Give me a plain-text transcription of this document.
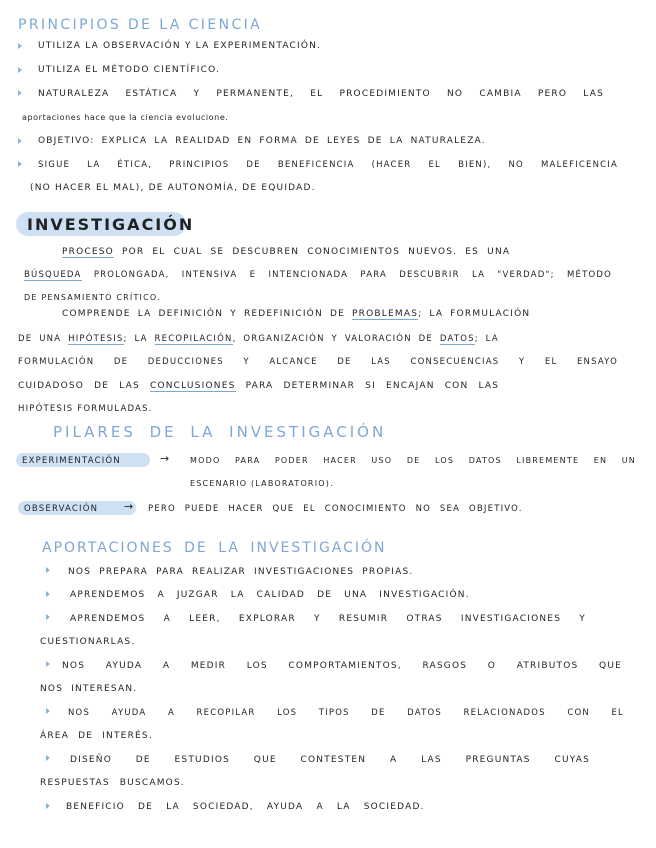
PRINCIPIOS DE LA CIENCIA
UTILIZA LA OBSERVACIÓN Y LA EXPERIMENTACIÓN.
UTILIZA EL MÉTODO CIENTÍFICO.
NATURALEZA ESTÁTICA Y PERMANENTE, EL PROCEDIMIENTO NO CAMBIA PERO LAS
aportaciones hace que la ciencia evolucione.
OBJETIVO: EXPLICA LA REALIDAD EN FORMA DE LEYES DE LA NATURALEZA.
SIGUE LA ÉTICA, PRINCIPIOS DE BENEFICENCIA (HACER EL BIEN), NO MALEFICENCIA
(NO HACER EL MAL), DE AUTONOMÍA, DE EQUIDAD.
INVESTIGACIÓN
PROCESO POR EL CUAL SE DESCUBREN CONOCIMIENTOS NUEVOS. ES UNA
BÚSQUEDA PROLONGADA, INTENSIVA E INTENCIONADA PARA DESCUBRIR LA "VERDAD"; MÉTODO
DE PENSAMIENTO CRÍTICO.
COMPRENDE LA DEFINICIÓN Y REDEFINICIÓN DE PROBLEMAS; LA FORMULACIÓN
DE UNA HIPÓTESIS; LA RECOPILACIÓN, ORGANIZACIÓN Y VALORACIÓN DE DATOS; LA
FORMULACIÓN DE DEDUCCIONES Y ALCANCE DE LAS CONSECUENCIAS Y EL ENSAYO
CUIDADOSO DE LAS CONCLUSIONES PARA DETERMINAR SI ENCAJAN CON LAS
HIPÓTESIS FORMULADAS.
PILARES DE LA INVESTIGACIÓN
EXPERIMENTACIÓN	→ MODO PARA PODER HACER USO DE LOS DATOS LIBREMENTE EN UN
ESCENARIO (LABORATORIO).
OBSERVACIÓN → PERO PUEDE HACER QUE EL CONOCIMIENTO NO SEA OBJETIVO.
APORTACIONES DE LA INVESTIGACIÓN
NOS PREPARA PARA REALIZAR INVESTIGACIONES PROPIAS.
APRENDEMOS A JUZGAR LA CALIDAD DE UNA INVESTIGACIÓN.
APRENDEMOS A LEER, EXPLORAR Y RESUMIR OTRAS INVESTIGACIONES Y
CUESTIONARLAS.
NOS AYUDA A MEDIR LOS COMPORTAMIENTOS, RASGOS O ATRIBUTOS QUE
NOS INTERESAN.
NOS AYUDA A RECOPILAR LOS TIPOS DE DATOS RELACIONADOS CON EL
ÁREA DE INTERÉS.
DISEÑO DE ESTUDIOS QUE CONTESTEN A LAS PREGUNTAS CUYAS
RESPUESTAS BUSCAMOS.
BENEFICIO DE LA SOCIEDAD, AYUDA A LA SOCIEDAD.
